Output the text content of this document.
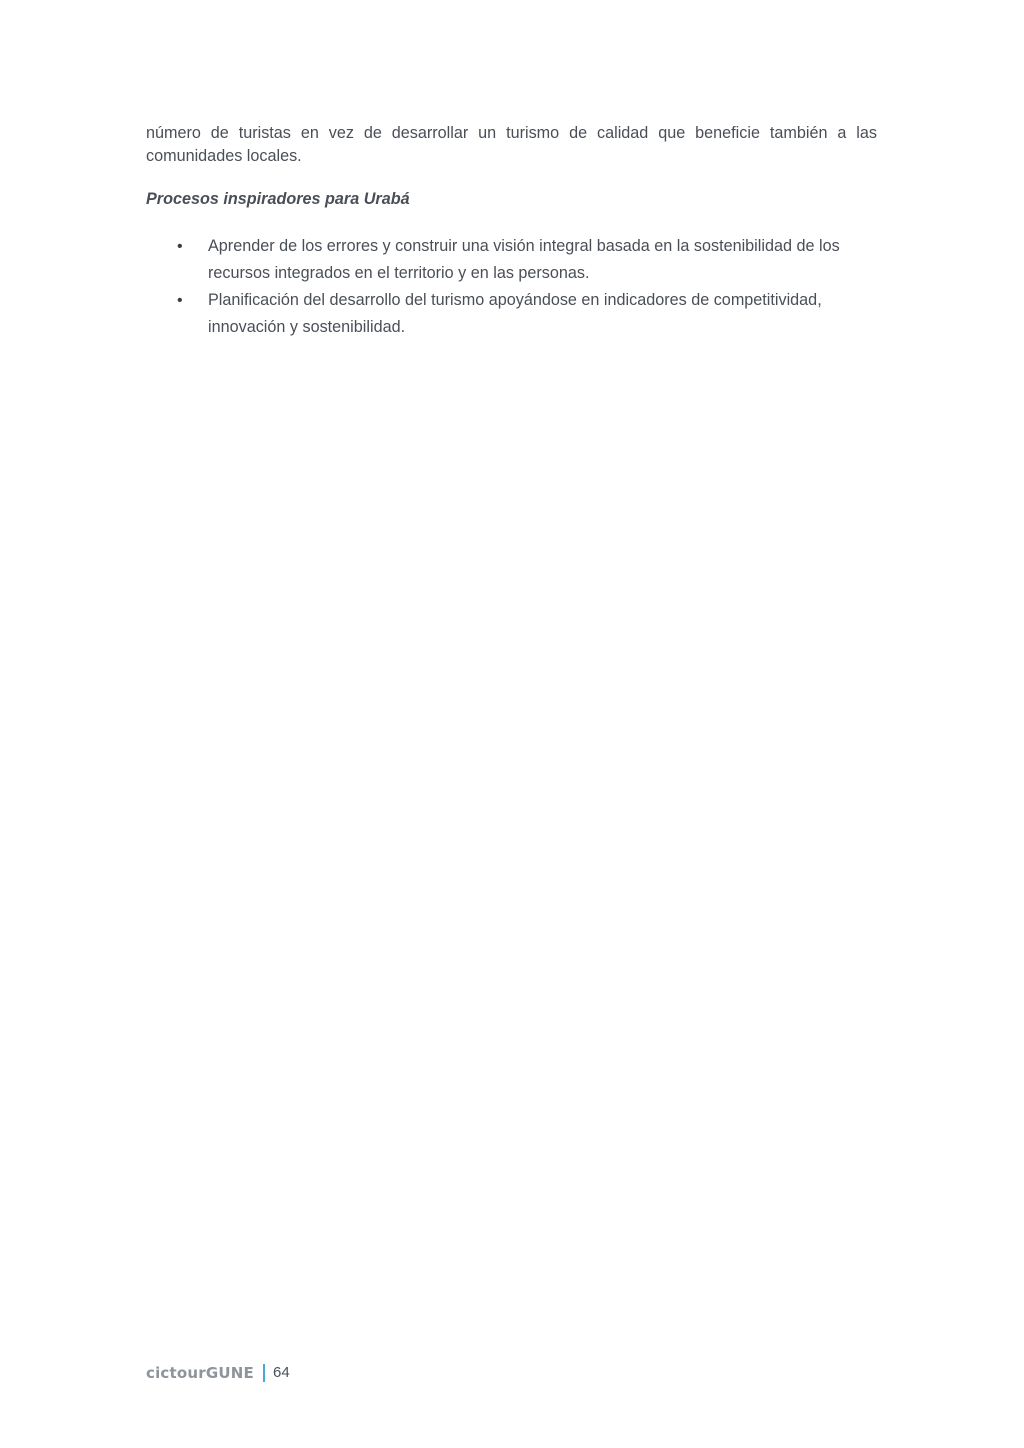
número de turistas en vez de desarrollar un turismo de calidad que beneficie también a las comunidades locales.

Procesos inspiradores para Urabá
• Aprender de los errores y construir una visión integral basada en la sostenibilidad de los recursos integrados en el territorio y en las personas.
• Planificación del desarrollo del turismo apoyándose en indicadores de competitividad, innovación y sostenibilidad.
cictourGUNE 64
